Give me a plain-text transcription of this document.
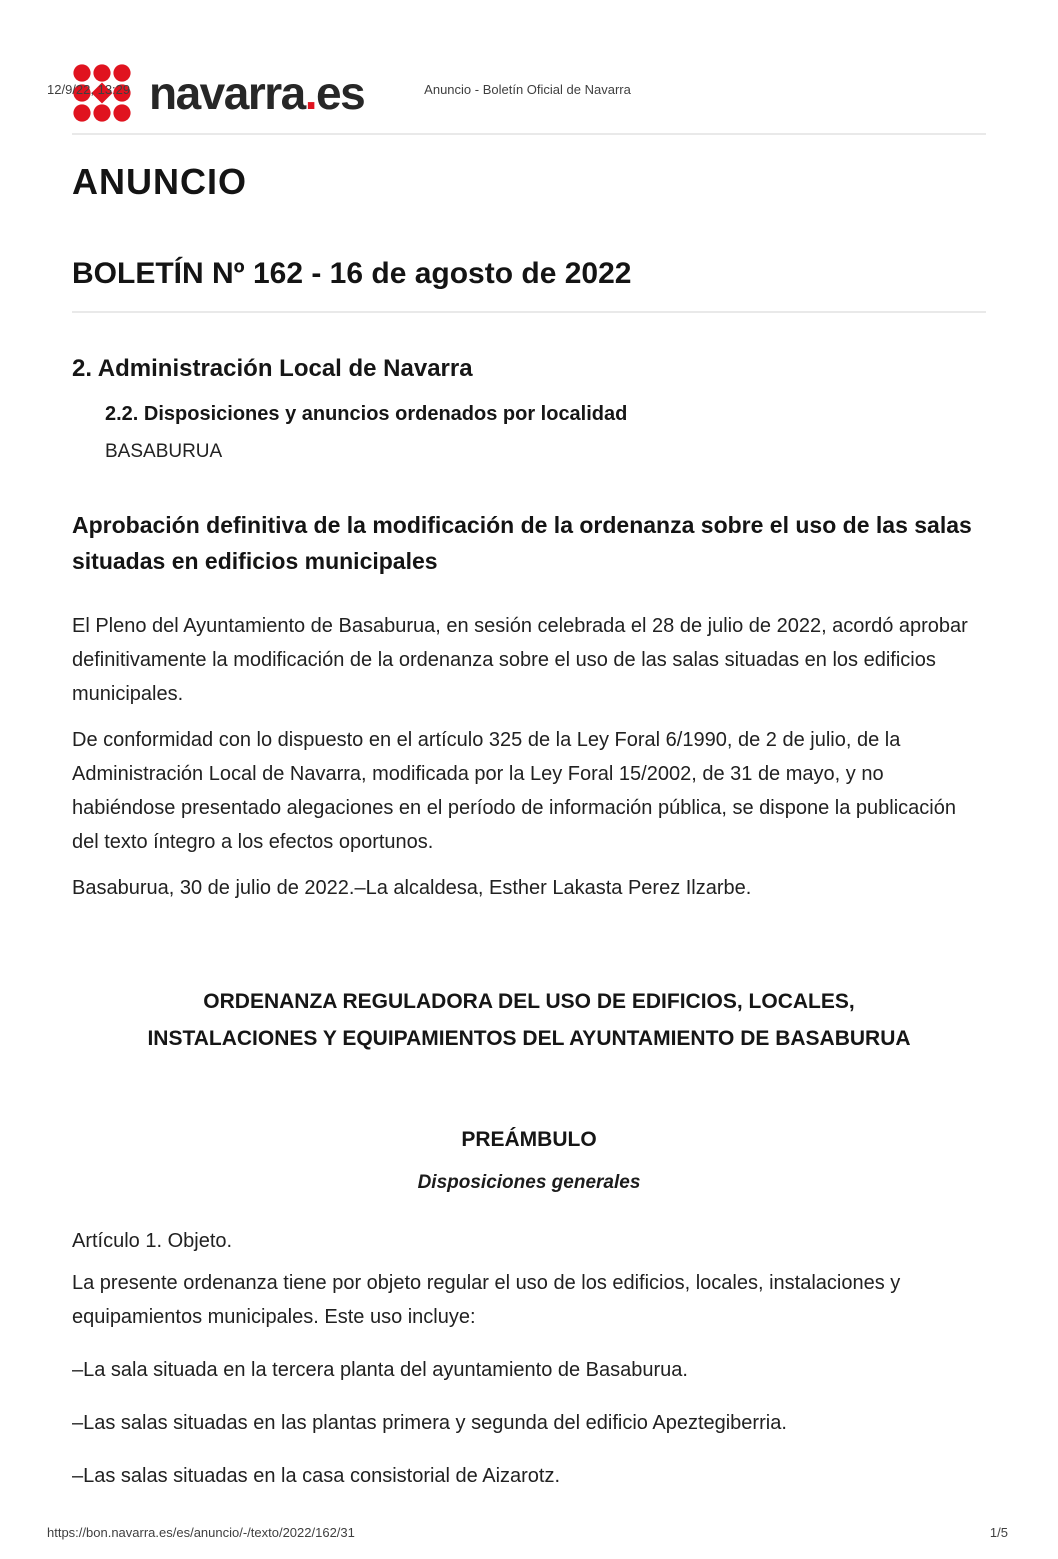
12/9/22, 13:29	Anuncio - Boletín Oficial de Navarra
navarra.es
ANUNCIO
BOLETÍN Nº 162 - 16 de agosto de 2022
2. Administración Local de Navarra
2.2. Disposiciones y anuncios ordenados por localidad
BASABURUA
Aprobación definitiva de la modificación de la ordenanza sobre el uso de las salas situadas en edificios municipales

El Pleno del Ayuntamiento de Basaburua, en sesión celebrada el 28 de julio de 2022, acordó aprobar definitivamente la modificación de la ordenanza sobre el uso de las salas situadas en los edificios municipales.

De conformidad con lo dispuesto en el artículo 325 de la Ley Foral 6/1990, de 2 de julio, de la Administración Local de Navarra, modificada por la Ley Foral 15/2002, de 31 de mayo, y no habiéndose presentado alegaciones en el período de información pública, se dispone la publicación del texto íntegro a los efectos oportunos.

Basaburua, 30 de julio de 2022.–La alcaldesa, Esther Lakasta Perez Ilzarbe.

ORDENANZA REGULADORA DEL USO DE EDIFICIOS, LOCALES, INSTALACIONES Y EQUIPAMIENTOS DEL AYUNTAMIENTO DE BASABURUA
PREÁMBULO
Disposiciones generales

Artículo 1. Objeto.

La presente ordenanza tiene por objeto regular el uso de los edificios, locales, instalaciones y equipamientos municipales. Este uso incluye:

–La sala situada en la tercera planta del ayuntamiento de Basaburua.

–Las salas situadas en las plantas primera y segunda del edificio Apeztegiberria.

–Las salas situadas en la casa consistorial de Aizarotz.

https://bon.navarra.es/es/anuncio/-/texto/2022/162/31	1/5
